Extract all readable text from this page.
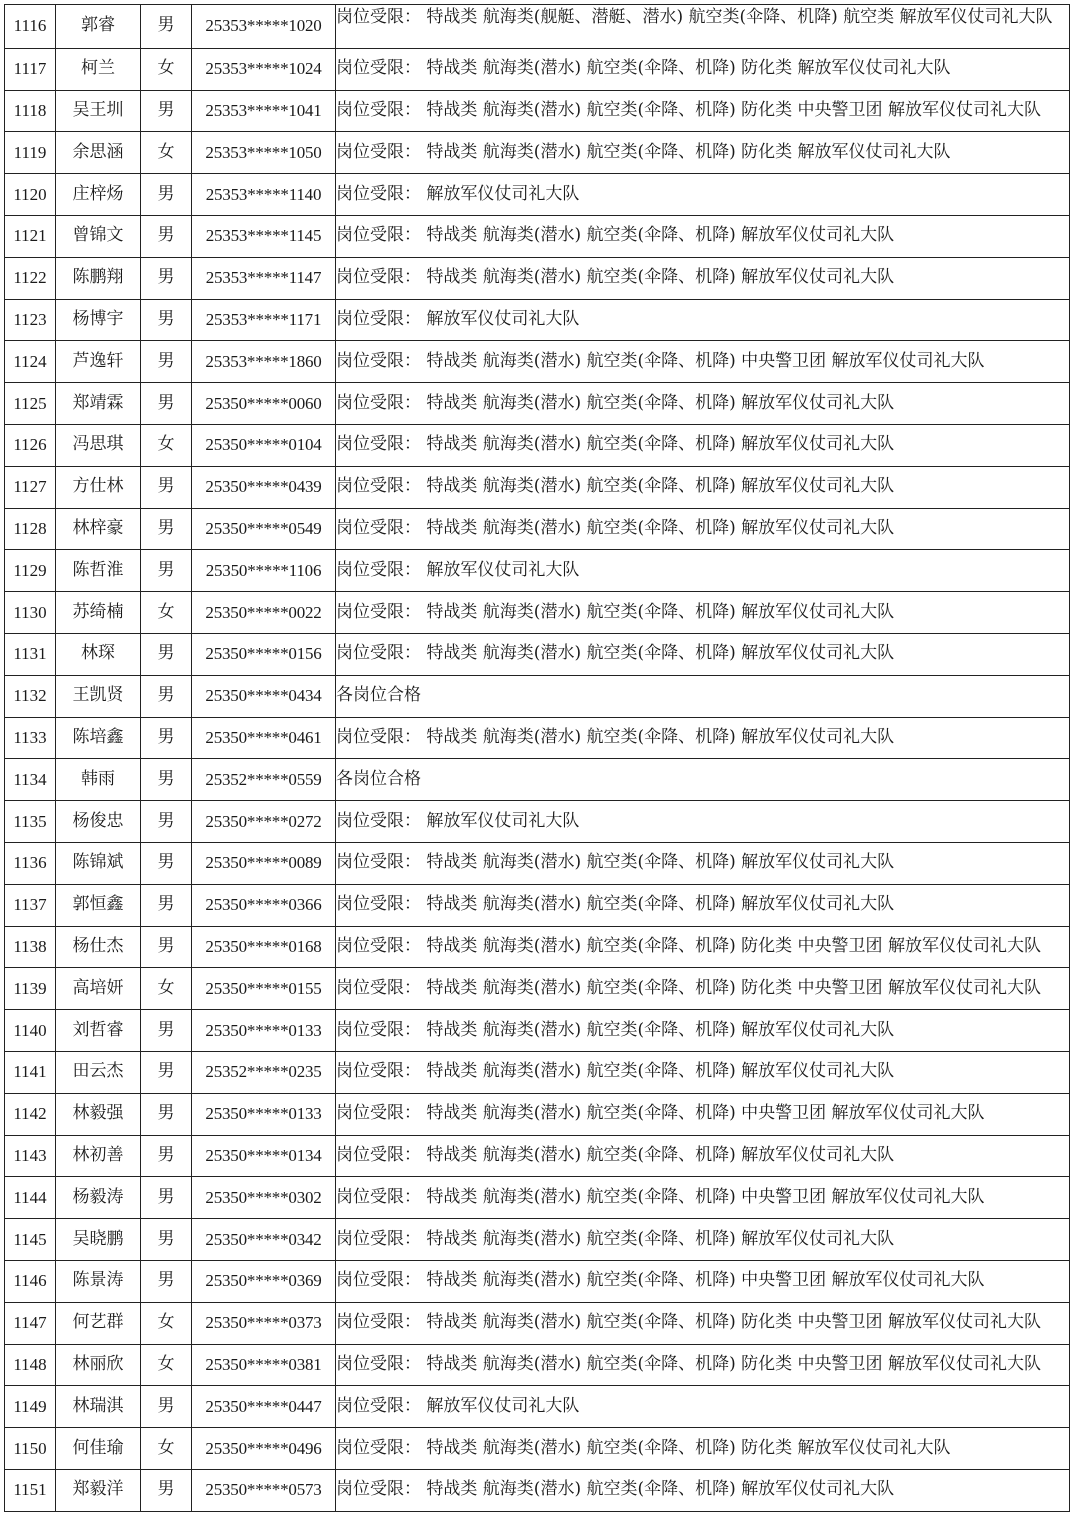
1116	郭睿	男	25353*****1020	岗位受限： 特战类 航海类(舰艇、潜艇、潜水) 航空类(伞降、机降) 航空类 解放军仪仗司礼大队
1117	柯兰	女	25353*****1024	岗位受限： 特战类 航海类(潜水) 航空类(伞降、机降) 防化类 解放军仪仗司礼大队
1118	吴王圳	男	25353*****1041	岗位受限： 特战类 航海类(潜水) 航空类(伞降、机降) 防化类 中央警卫团 解放军仪仗司礼大队
1119	余思涵	女	25353*****1050	岗位受限： 特战类 航海类(潜水) 航空类(伞降、机降) 防化类 解放军仪仗司礼大队
1120	庄梓炀	男	25353*****1140	岗位受限： 解放军仪仗司礼大队
1121	曾锦文	男	25353*****1145	岗位受限： 特战类 航海类(潜水) 航空类(伞降、机降) 解放军仪仗司礼大队
1122	陈鹏翔	男	25353*****1147	岗位受限： 特战类 航海类(潜水) 航空类(伞降、机降) 解放军仪仗司礼大队
1123	杨博宇	男	25353*****1171	岗位受限： 解放军仪仗司礼大队
1124	芦逸轩	男	25353*****1860	岗位受限： 特战类 航海类(潜水) 航空类(伞降、机降) 中央警卫团 解放军仪仗司礼大队
1125	郑靖霖	男	25350*****0060	岗位受限： 特战类 航海类(潜水) 航空类(伞降、机降) 解放军仪仗司礼大队
1126	冯思琪	女	25350*****0104	岗位受限： 特战类 航海类(潜水) 航空类(伞降、机降) 解放军仪仗司礼大队
1127	方仕林	男	25350*****0439	岗位受限： 特战类 航海类(潜水) 航空类(伞降、机降) 解放军仪仗司礼大队
1128	林梓豪	男	25350*****0549	岗位受限： 特战类 航海类(潜水) 航空类(伞降、机降) 解放军仪仗司礼大队
1129	陈哲淮	男	25350*****1106	岗位受限： 解放军仪仗司礼大队
1130	苏绮楠	女	25350*****0022	岗位受限： 特战类 航海类(潜水) 航空类(伞降、机降) 解放军仪仗司礼大队
1131	林琛	男	25350*****0156	岗位受限： 特战类 航海类(潜水) 航空类(伞降、机降) 解放军仪仗司礼大队
1132	王凯贤	男	25350*****0434	各岗位合格
1133	陈培鑫	男	25350*****0461	岗位受限： 特战类 航海类(潜水) 航空类(伞降、机降) 解放军仪仗司礼大队
1134	韩雨	男	25352*****0559	各岗位合格
1135	杨俊忠	男	25350*****0272	岗位受限： 解放军仪仗司礼大队
1136	陈锦斌	男	25350*****0089	岗位受限： 特战类 航海类(潜水) 航空类(伞降、机降) 解放军仪仗司礼大队
1137	郭恒鑫	男	25350*****0366	岗位受限： 特战类 航海类(潜水) 航空类(伞降、机降) 解放军仪仗司礼大队
1138	杨仕杰	男	25350*****0168	岗位受限： 特战类 航海类(潜水) 航空类(伞降、机降) 防化类 中央警卫团 解放军仪仗司礼大队
1139	高培妍	女	25350*****0155	岗位受限： 特战类 航海类(潜水) 航空类(伞降、机降) 防化类 中央警卫团 解放军仪仗司礼大队
1140	刘哲睿	男	25350*****0133	岗位受限： 特战类 航海类(潜水) 航空类(伞降、机降) 解放军仪仗司礼大队
1141	田云杰	男	25352*****0235	岗位受限： 特战类 航海类(潜水) 航空类(伞降、机降) 解放军仪仗司礼大队
1142	林毅强	男	25350*****0133	岗位受限： 特战类 航海类(潜水) 航空类(伞降、机降) 中央警卫团 解放军仪仗司礼大队
1143	林初善	男	25350*****0134	岗位受限： 特战类 航海类(潜水) 航空类(伞降、机降) 解放军仪仗司礼大队
1144	杨毅涛	男	25350*****0302	岗位受限： 特战类 航海类(潜水) 航空类(伞降、机降) 中央警卫团 解放军仪仗司礼大队
1145	吴晓鹏	男	25350*****0342	岗位受限： 特战类 航海类(潜水) 航空类(伞降、机降) 解放军仪仗司礼大队
1146	陈景涛	男	25350*****0369	岗位受限： 特战类 航海类(潜水) 航空类(伞降、机降) 中央警卫团 解放军仪仗司礼大队
1147	何艺群	女	25350*****0373	岗位受限： 特战类 航海类(潜水) 航空类(伞降、机降) 防化类 中央警卫团 解放军仪仗司礼大队
1148	林丽欣	女	25350*****0381	岗位受限： 特战类 航海类(潜水) 航空类(伞降、机降) 防化类 中央警卫团 解放军仪仗司礼大队
1149	林瑞淇	男	25350*****0447	岗位受限： 解放军仪仗司礼大队
1150	何佳瑜	女	25350*****0496	岗位受限： 特战类 航海类(潜水) 航空类(伞降、机降) 防化类 解放军仪仗司礼大队
1151	郑毅洋	男	25350*****0573	岗位受限： 特战类 航海类(潜水) 航空类(伞降、机降) 解放军仪仗司礼大队
